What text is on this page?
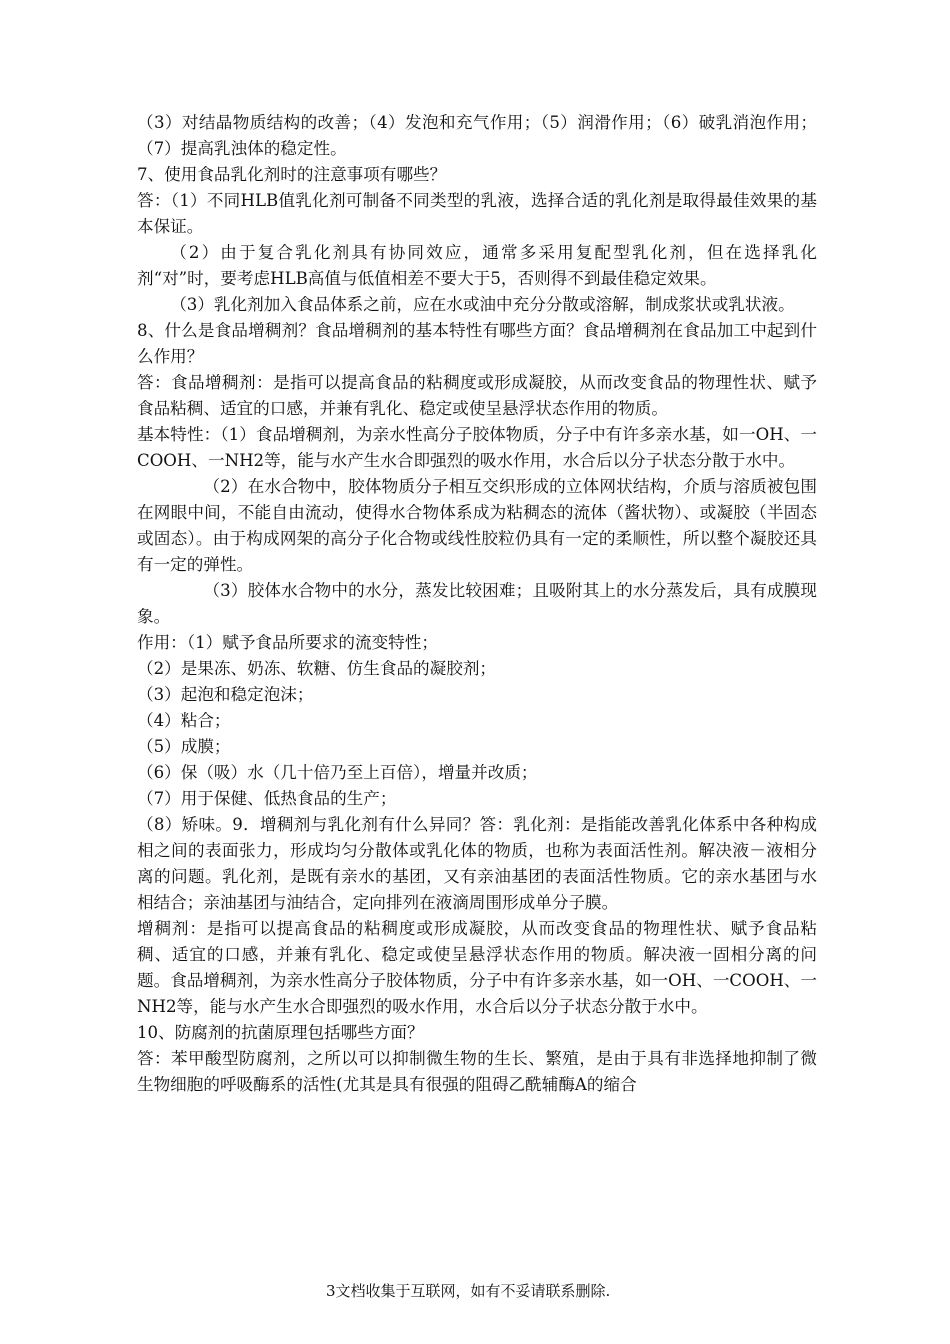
（3）对结晶物质结构的改善；（4）发泡和充气作用；（5）润滑作用；（6）破乳消泡作用；（7）提高乳浊体的稳定性。

7、使用食品乳化剂时的注意事项有哪些？

答：（1）不同HLB值乳化剂可制备不同类型的乳液，选择合适的乳化剂是取得最佳效果的基本保证。

（2）由于复合乳化剂具有协同效应，通常多采用复配型乳化剂，但在选择乳化剂“对”时，要考虑HLB高值与低值相差不要大于5，否则得不到最佳稳定效果。

（3）乳化剂加入食品体系之前，应在水或油中充分分散或溶解，制成浆状或乳状液。

8、什么是食品增稠剂？食品增稠剂的基本特性有哪些方面？食品增稠剂在食品加工中起到什么作用？

答：食品增稠剂：是指可以提高食品的粘稠度或形成凝胶，从而改变食品的物理性状、赋予食品粘稠、适宜的口感，并兼有乳化、稳定或使呈悬浮状态作用的物质。

基本特性：（1）食品增稠剂，为亲水性高分子胶体物质，分子中有许多亲水基，如一OH、一COOH、一NH2等，能与水产生水合即强烈的吸水作用，水合后以分子状态分散于水中。

（2）在水合物中，胶体物质分子相互交织形成的立体网状结构，介质与溶质被包围在网眼中间，不能自由流动，使得水合物体系成为粘稠态的流体（酱状物）、或凝胶（半固态或固态）。由于构成网架的高分子化合物或线性胶粒仍具有一定的柔顺性，所以整个凝胶还具有一定的弹性。

（3）胶体水合物中的水分，蒸发比较困难；且吸附其上的水分蒸发后，具有成膜现象。

作用：（1）赋予食品所要求的流变特性；

（2）是果冻、奶冻、软糖、仿生食品的凝胶剂；

（3）起泡和稳定泡沫；

（4）粘合；

（5）成膜；

（6）保（吸）水（几十倍乃至上百倍），增量并改质；

（7）用于保健、低热食品的生产；

（8）矫味。9．增稠剂与乳化剂有什么异同？答：乳化剂：是指能改善乳化体系中各种构成相之间的表面张力，形成均匀分散体或乳化体的物质，也称为表面活性剂。解决液－液相分离的问题。乳化剂，是既有亲水的基团，又有亲油基团的表面活性物质。它的亲水基团与水相结合；亲油基团与油结合，定向排列在液滴周围形成单分子膜。

增稠剂：是指可以提高食品的粘稠度或形成凝胶，从而改变食品的物理性状、赋予食品粘稠、适宜的口感，并兼有乳化、稳定或使呈悬浮状态作用的物质。解决液一固相分离的问题。食品增稠剂，为亲水性高分子胶体物质，分子中有许多亲水基，如一OH、一COOH、一NH2等，能与水产生水合即强烈的吸水作用，水合后以分子状态分散于水中。

10、防腐剂的抗菌原理包括哪些方面？

答：苯甲酸型防腐剂，之所以可以抑制微生物的生长、繁殖，是由于具有非选择地抑制了微生物细胞的呼吸酶系的活性(尤其是具有很强的阻碍乙酰辅酶A的缩合

3文档收集于互联网，如有不妥请联系删除.
